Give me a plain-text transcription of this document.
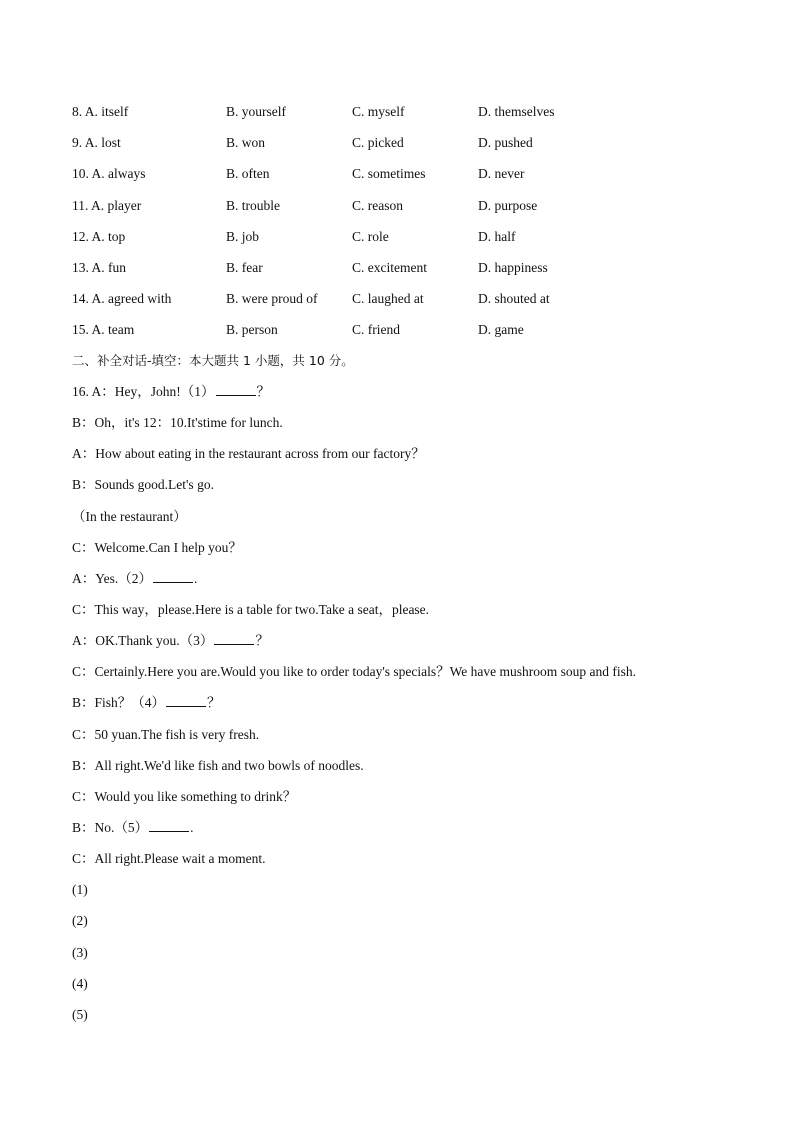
8. A. itself	B. yourself	C. myself	D. themselves
9. A. lost	B. won	C. picked	D. pushed
10. A. always	B. often	C. sometimes	D. never
11. A. player	B. trouble	C. reason	D. purpose
12. A. top	B. job	C. role	D. half
13. A. fun	B. fear	C. excitement	D. happiness
14. A. agreed with	B. were proud of	C. laughed at	D. shouted at
15. A. team	B. person	C. friend	D. game
二、补全对话-填空：本大题共 1 小题，共 10 分。
16. A：Hey，John!（1）	？
B：Oh，it's 12：10.It'stime for lunch.
A：How about eating in the restaurant across from our factory？
B：Sounds good.Let's go.
（In the restaurant）
C：Welcome.Can I help you？
A：Yes.（2）	.
C：This way，please.Here is a table for two.Take a seat，please.
A：OK.Thank you.（3）	？
C：Certainly.Here you are.Would you like to order today's specials？We have mushroom soup and fish.
B：Fish？（4）	？
C：50 yuan.The fish is very fresh.
B：All right.We'd like fish and two bowls of noodles.
C：Would you like something to drink？
B：No.（5）	.
C：All right.Please wait a moment.
(1)
(2)
(3)
(4)
(5)
